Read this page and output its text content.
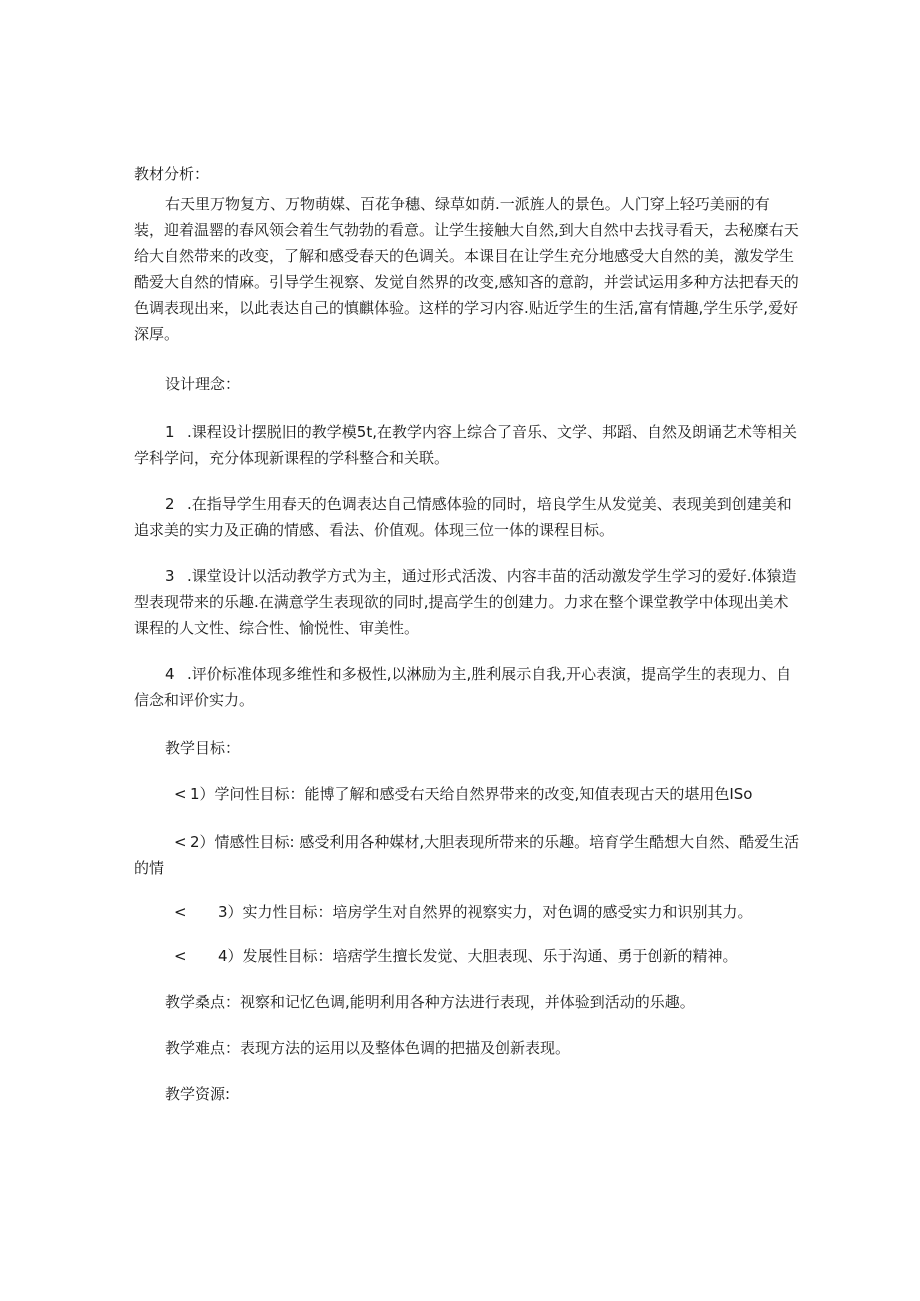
教材分析：

右天里万物复方、万物萌媒、百花争穗、绿草如荫.一派旌人的景色。人门穿上轻巧美丽的有
装，迎着温罂的春风领会着生气勃勃的看意。让学生接触大自然,到大自然中去找寻看天，去秘糜右天
给大自然带来的改变，了解和感受春天的色调关。本课目在让学生充分地感受大自然的美，激发学生
酷爱大自然的情麻。引导学生视察、发觉自然界的改变,感知吝的意韵，并尝试运用多种方法把春天的
色调表现出来，以此表达自己的慎麒体验。这样的学习内容.贴近学生的生活,富有情趣,学生乐学,爱好
深厚。

设计理念：

1 .课程设计摆脱旧的教学模5t,在教学内容上综合了音乐、文学、邦蹈、自然及朗诵艺术等相关
学科学问，充分体现新课程的学科整合和关联。
2 .在指导学生用春天的色调表达自己情感体验的同时，培良学生从发觉美、表现美到创建美和
追求美的实力及正确的情感、看法、价值观。体现三位一体的课程目标。
3 .课堂设计以活动教学方式为主，通过形式活泼、内容丰苗的活动激发学生学习的爱好.体猿造
型表现带来的乐趣.在满意学生表现欲的同时,提高学生的创建力。力求在整个课堂教学中体现出美术
课程的人文性、综合性、愉悦性、审美性。
4 .评价标准体现多维性和多极性,以淋励为主,胜利展示自我,开心表演，提高学生的表现力、自
信念和评价实力。

教学目标：

< 1）学问性目标：能博了解和感受右天给自然界带来的改变,知值表现古天的堪用色ISo
< 2）情感性目标: 感受利用各种媒材,大胆表现所带来的乐趣。培育学生酷想大自然、酷爱生活
的情
< 3）实力性目标：培房学生对自然界的视察实力，对色调的感受实力和识别其力。
< 4）发展性目标：培痞学生擅长发觉、大胆表现、乐于沟通、勇于创新的精神。

教学桑点：视察和记忆色调,能明利用各种方法进行表现，并体验到活动的乐趣。

教学难点：表现方法的运用以及整体色调的把描及创新表现。

教学资源:
